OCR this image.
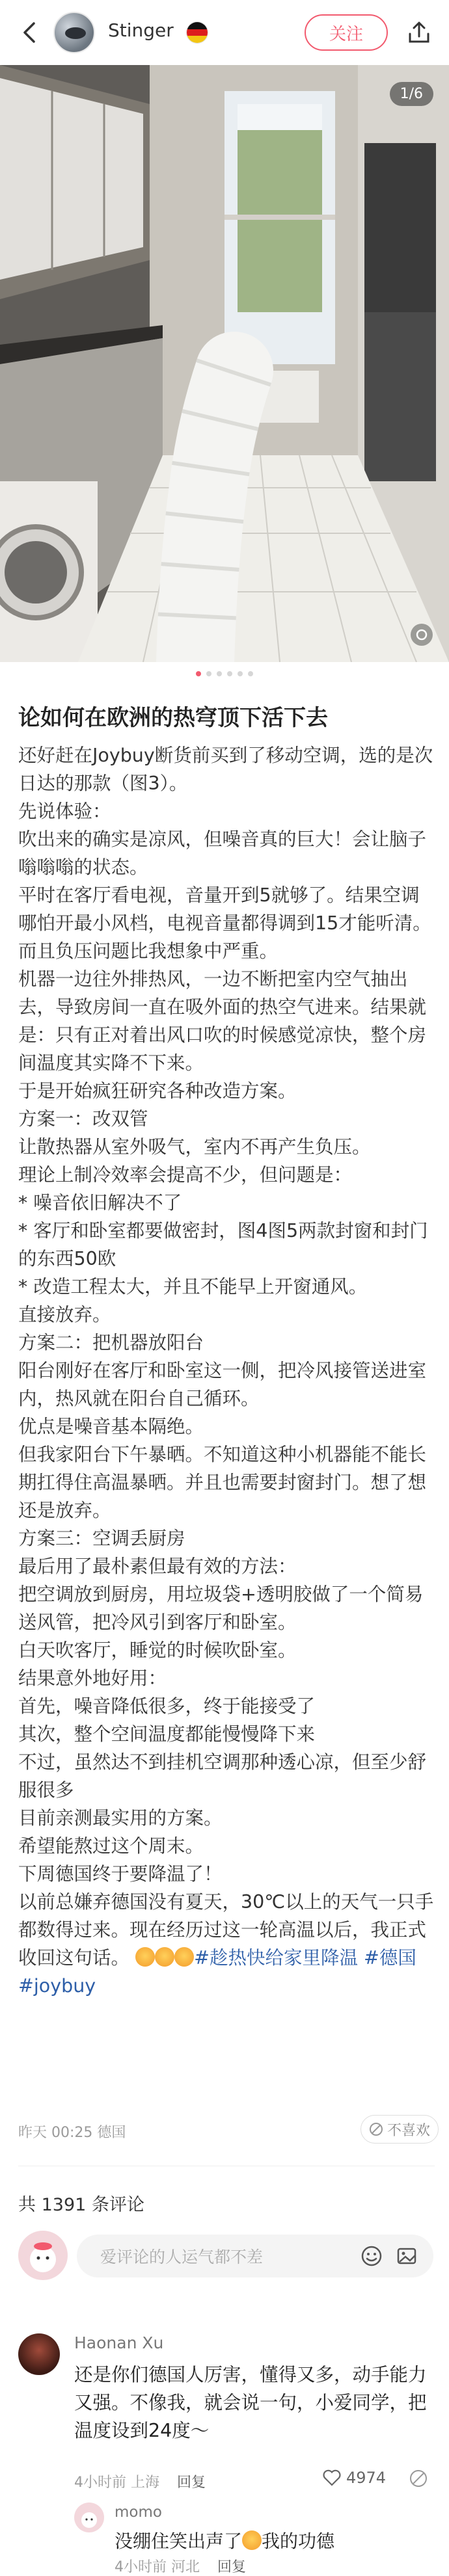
Stinger	关注
1/6
论如何在欧洲的热穹顶下活下去

还好赶在Joybuy断货前买到了移动空调，选的是次日达的那款（图3）。

先说体验：

吹出来的确实是凉风，但噪音真的巨大！会让脑子嗡嗡嗡的状态。

平时在客厅看电视，音量开到5就够了。结果空调哪怕开最小风档，电视音量都得调到15才能听清。

而且负压问题比我想象中严重。

机器一边往外排热风，一边不断把室内空气抽出去，导致房间一直在吸外面的热空气进来。结果就是：只有正对着出风口吹的时候感觉凉快，整个房间温度其实降不下来。

于是开始疯狂研究各种改造方案。

方案一：改双管

让散热器从室外吸气，室内不再产生负压。

理论上制冷效率会提高不少，但问题是：

* 噪音依旧解决不了

* 客厅和卧室都要做密封，图4图5两款封窗和封门的东西50欧

* 改造工程太大，并且不能早上开窗通风。

直接放弃。

方案二：把机器放阳台

阳台刚好在客厅和卧室这一侧，把冷风接管送进室内，热风就在阳台自己循环。

优点是噪音基本隔绝。

但我家阳台下午暴晒。不知道这种小机器能不能长期扛得住高温暴晒。并且也需要封窗封门。想了想还是放弃。

方案三：空调丢厨房

最后用了最朴素但最有效的方法：

把空调放到厨房，用垃圾袋+透明胶做了一个简易送风管，把冷风引到客厅和卧室。

白天吹客厅，睡觉的时候吹卧室。

结果意外地好用：

首先，噪音降低很多，终于能接受了

其次，整个空间温度都能慢慢降下来

不过，虽然达不到挂机空调那种透心凉，但至少舒服很多

目前亲测最实用的方案。

希望能熬过这个周末。

下周德国终于要降温了！

以前总嫌弃德国没有夏天，30℃以上的天气一只手都数得过来。现在经历过这一轮高温以后，我正式收回这句话。	#趁热快给家里降温 #德国 #joybuy

昨天 00:25 德国	不喜欢
共 1391 条评论
爱评论的人运气都不差
Haonan Xu
还是你们德国人厉害，懂得又多，动手能力又强。不像我，就会说一句，小爱同学，把温度设到24度～
4小时前 上海 回复	4974
momo
没绷住笑出声了 我的功德
4小时前 河北 回复
